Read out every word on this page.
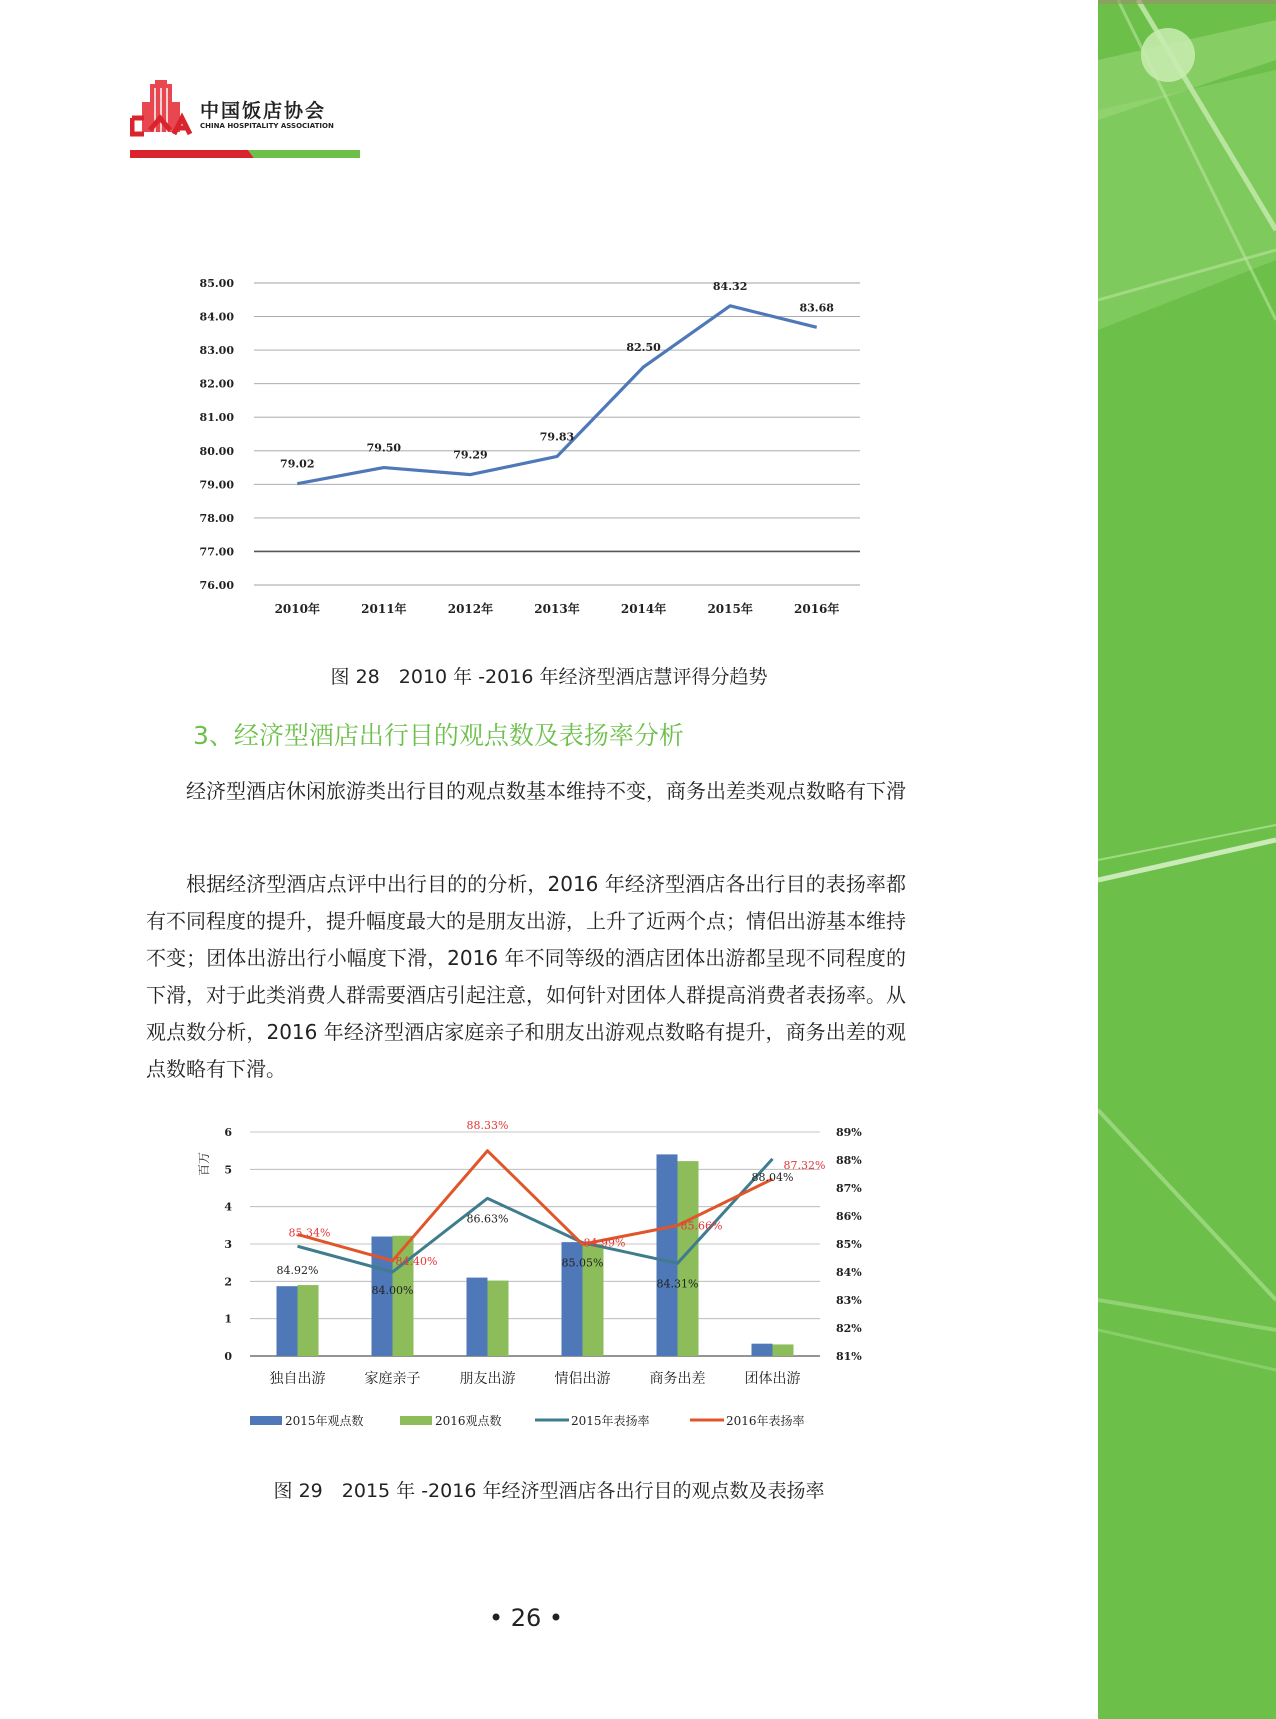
中国饭店协会
CHINA HOSPITALITY ASSOCIATION
76.00
77.00
78.00
79.00
80.00
81.00
82.00
83.00
84.00
85.00
2010年	2011年	2012年	2013年	2014年	2015年	2016年
79.02
79.50
79.29
79.83
82.50
84.32
83.68
图 28　2010 年 -2016 年经济型酒店慧评得分趋势
3、经济型酒店出行目的观点数及表扬率分析

经济型酒店休闲旅游类出行目的观点数基本维持不变，商务出差类观点数略有下滑

根据经济型酒店点评中出行目的的分析，2016 年经济型酒店各出行目的表扬率都有不同程度的提升，提升幅度最大的是朋友出游，上升了近两个点；情侣出游基本维持不变；团体出游出行小幅度下滑，2016 年不同等级的酒店团体出游都呈现不同程度的下滑，对于此类消费人群需要酒店引起注意，如何针对团体人群提高消费者表扬率。从观点数分析，2016 年经济型酒店家庭亲子和朋友出游观点数略有提升，商务出差的观点数略有下滑。

0
1
2
3
4
5
6
81%
82%
83%
84%
85%
86%
87%
88%
89%
百万
独自出游	家庭亲子	朋友出游	情侣出游	商务出差	团体出游
84.92%
84.00%
86.63%
85.05%
84.31%
88.04%
85.34%
84.40%
88.33%
84.99%
85.66%
87.32%
2015年观点数	2016观点数	2015年表扬率	2016年表扬率
图 29　2015 年 -2016 年经济型酒店各出行目的观点数及表扬率
• 26 •
